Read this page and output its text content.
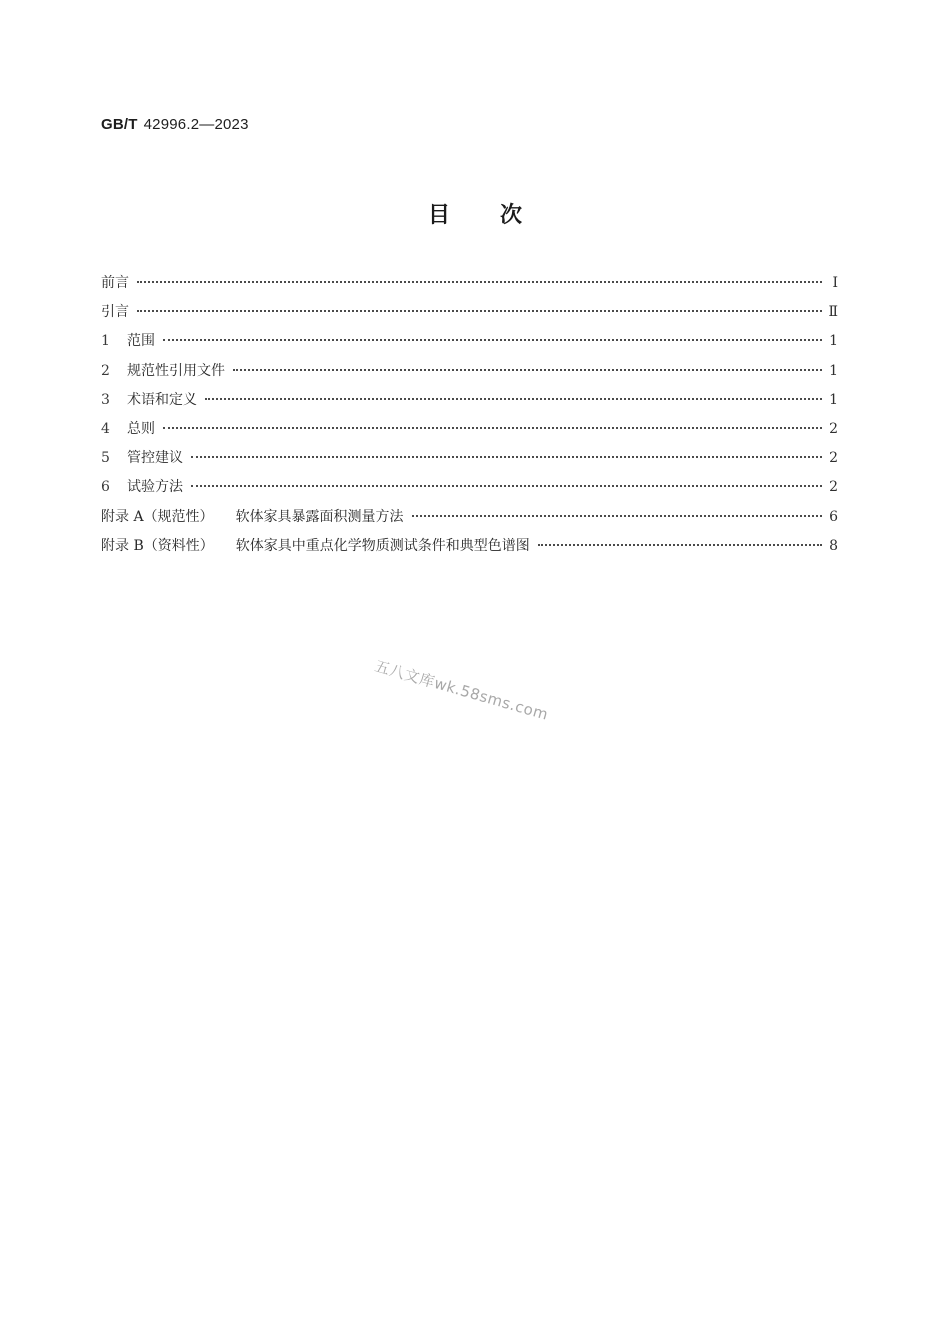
GB/T 42996.2—2023
目次
前言	Ⅰ
引言	Ⅱ
1	范围	1
2	规范性引用文件	1
3	术语和定义	1
4	总则	2
5	管控建议	2
6	试验方法	2
附录 A（规范性） 软体家具暴露面积测量方法	6
附录 B（资料性） 软体家具中重点化学物质测试条件和典型色谱图	8
五八文库wk.58sms.com
